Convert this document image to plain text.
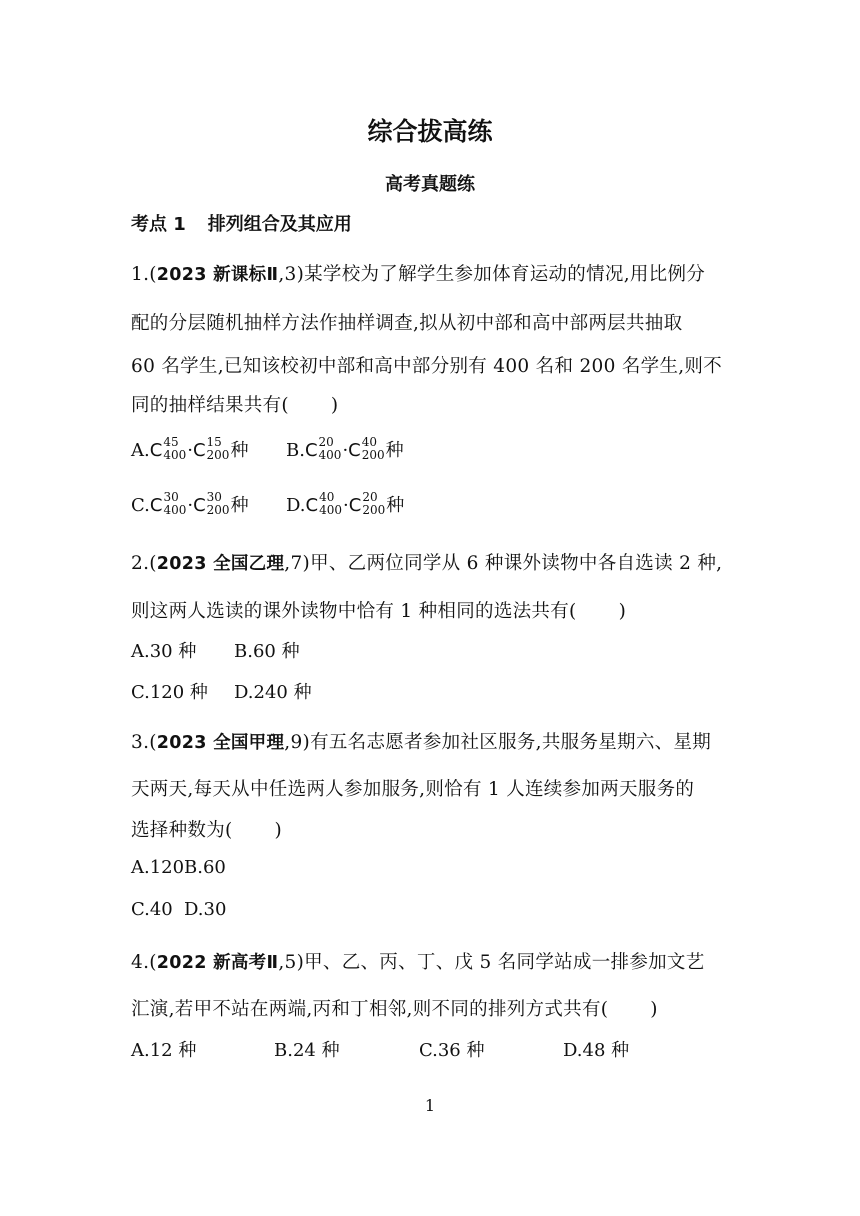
综合拔高练
高考真题练
考点 1 排列组合及其应用
1.(2023 新课标Ⅱ,3)某学校为了解学生参加体育运动的情况,用比例分
配的分层随机抽样方法作抽样调查,拟从初中部和高中部两层共抽取
60 名学生,已知该校初中部和高中部分别有 400 名和 200 名学生,则不
同的抽样结果共有( )
A.C 45
400 ·C 15
200 种 B.C 20
400 ·C 40
200 种
C.C 30
400 ·C 30
200 种 D.C 40
400 ·C 20
200 种
2.(2023 全国乙理,7)甲、乙两位同学从 6 种课外读物中各自选读 2 种,
则这两人选读的课外读物中恰有 1 种相同的选法共有( )
A.30 种 B.60 种
C.120 种 D.240 种
3.(2023 全国甲理,9)有五名志愿者参加社区服务,共服务星期六、星期
天两天,每天从中任选两人参加服务,则恰有 1 人连续参加两天服务的
选择种数为( )
A.120 B.60
C.40 D.30
4.(2022 新高考Ⅱ,5)甲、乙、丙、丁、戊 5 名同学站成一排参加文艺
汇演,若甲不站在两端,丙和丁相邻,则不同的排列方式共有( )
A.12 种	B.24 种	C.36 种	D.48 种
1
